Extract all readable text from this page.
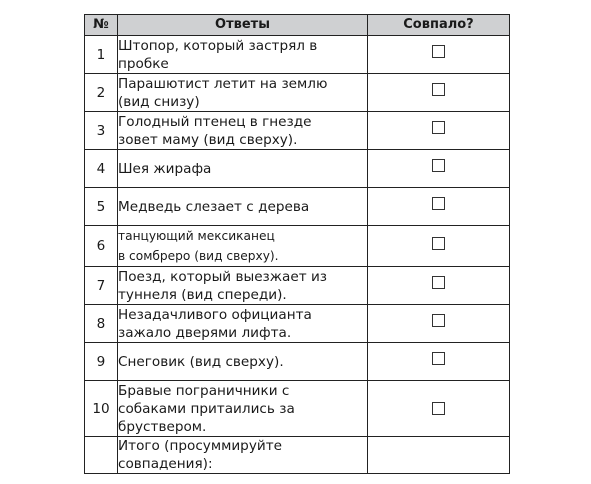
№	Ответы	Совпало?
1	Штопор, который застрял в
пробке	
2	Парашютист летит на землю
(вид снизу)	
3	Голодный птенец в гнезде
зовет маму (вид сверху).	
4	Шея жирафа	
5	Медведь слезает с дерева	
6	танцующий мексиканец
в сомбреро (вид сверху).	
7	Поезд, который выезжает из
туннеля (вид спереди).	
8	Незадачливого официанта
зажало дверями лифта.	
9	Снеговик (вид сверху).	
10	Бравые пограничники с
собаками притаились за
бруствером.	
	Итого (просуммируйте
совпадения):	
